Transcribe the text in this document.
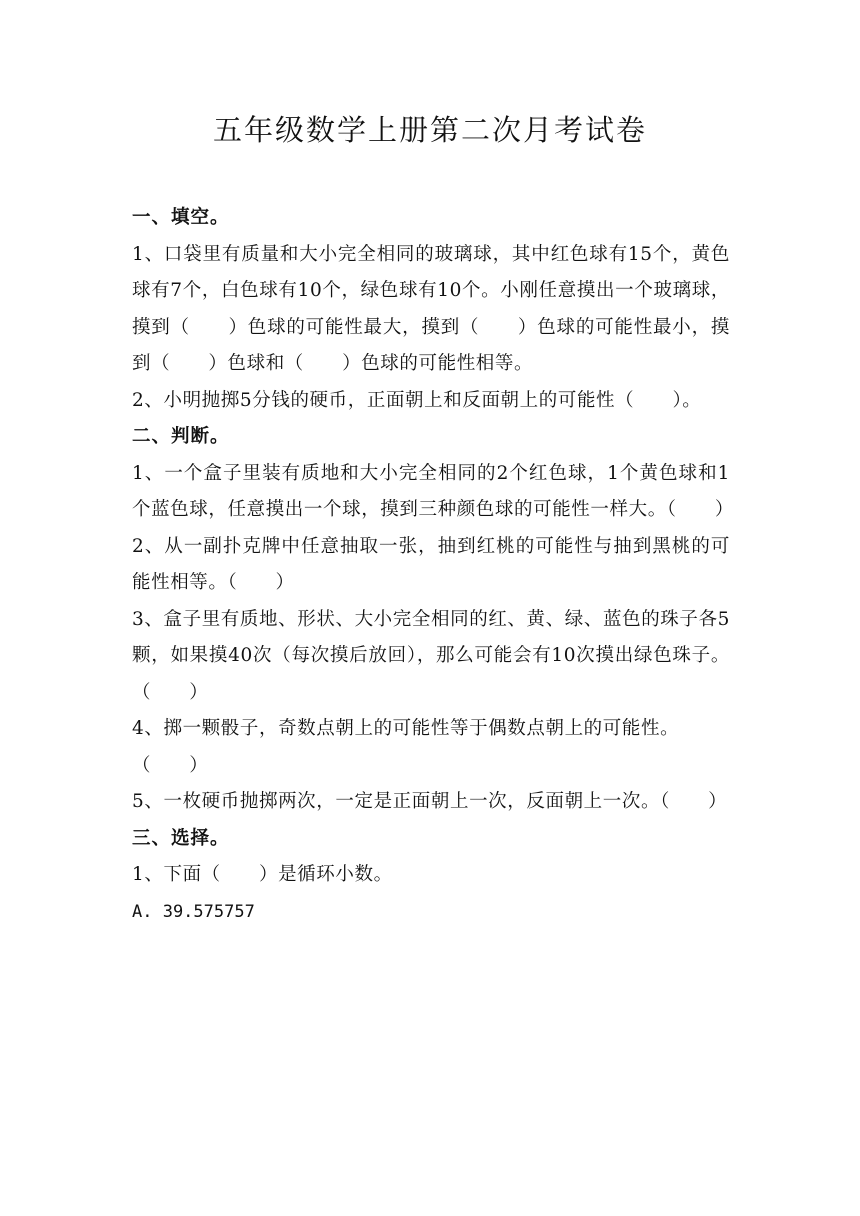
五年级数学上册第二次月考试卷

一、填空。

1、口袋里有质量和大小完全相同的玻璃球，其中红色球有15个，黄色球有7个，白色球有10个，绿色球有10个。小刚任意摸出一个玻璃球，摸到（　　）色球的可能性最大，摸到（　　）色球的可能性最小，摸到（　　）色球和（　　）色球的可能性相等。

2、小明抛掷5分钱的硬币，正面朝上和反面朝上的可能性（　　）。

二、判断。

1、一个盒子里装有质地和大小完全相同的2个红色球，1个黄色球和1个蓝色球，任意摸出一个球，摸到三种颜色球的可能性一样大。（　　）

2、从一副扑克牌中任意抽取一张，抽到红桃的可能性与抽到黑桃的可能性相等。（　　）

3、盒子里有质地、形状、大小完全相同的红、黄、绿、蓝色的珠子各5颗，如果摸40次（每次摸后放回），那么可能会有10次摸出绿色珠子。（　　）

4、掷一颗骰子，奇数点朝上的可能性等于偶数点朝上的可能性。（　　）

5、一枚硬币抛掷两次，一定是正面朝上一次，反面朝上一次。（　　）

三、选择。

1、下面（　　）是循环小数。

A. 39.575757
